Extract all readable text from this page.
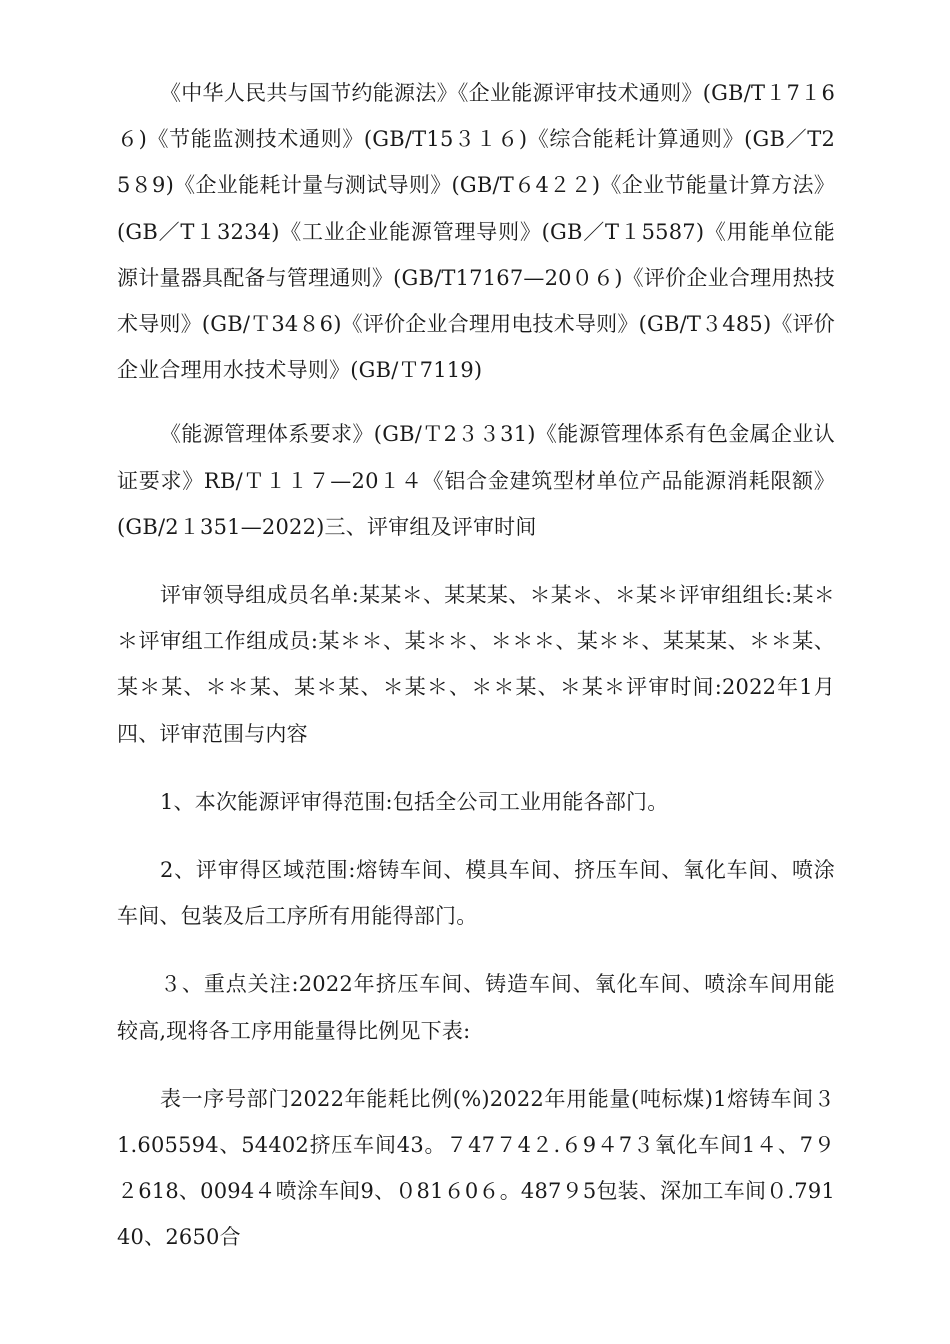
《中华人民共与国节约能源法》《企业能源评审技术通则》(GB/T１7１6６)《节能监测技术通则》(GB/T15３１６)《综合能耗计算通则》(GB／T25８9)《企业能耗计量与测试导则》(GB/T６4２２)《企业节能量计算方法》(GB／T１3234)《工业企业能源管理导则》(GB／T１5587)《用能单位能源计量器具配备与管理通则》(GB/T17167—20０６)《评价企业合理用热技术导则》(GB/Ｔ34８6)《评价企业合理用电技术导则》(GB/T３485)《评价企业合理用水技术导则》(GB/Ｔ7119)

《能源管理体系要求》(GB/Ｔ2３３31)《能源管理体系有色金属企业认证要求》RB/Ｔ１１７—20１４《铝合金建筑型材单位产品能源消耗限额》(GB/2１351—2022)三、评审组及评审时间

评审领导组成员名单:某某＊、某某某、＊某＊、＊某＊评审组组长:某＊＊评审组工作组成员:某＊＊、某＊＊、＊＊＊、某＊＊、某某某、＊＊某、某＊某、＊＊某、某＊某、＊某＊、＊＊某、＊某＊评审时间:2022年1月四、评审范围与内容

1、本次能源评审得范围:包括全公司工业用能各部门。

2、评审得区域范围:熔铸车间、模具车间、挤压车间、氧化车间、喷涂车间、包装及后工序所有用能得部门。

３、重点关注:2022年挤压车间、铸造车间、氧化车间、喷涂车间用能较高,现将各工序用能量得比例见下表:

表一序号部门2022年能耗比例(%)2022年用能量(吨标煤)1熔铸车间３1.605594、54402挤压车间43。７47７4２.６9４7３氧化车间1４、7９２618、0094４喷涂车间9、０81６0６。487９5包装、深加工车间０.79140、2650合
